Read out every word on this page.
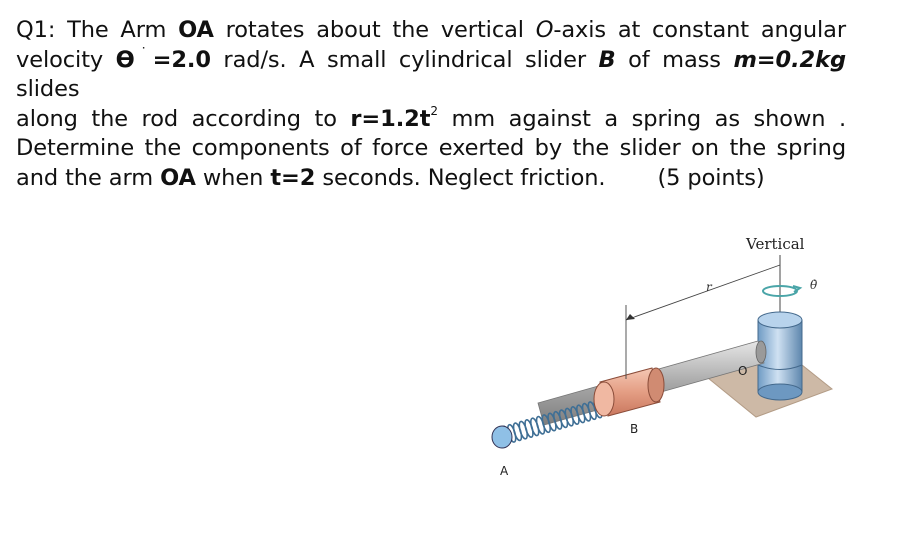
Q1: The Arm OA rotates about the vertical O-axis at constant angular
velocity ϴ˙=2.0 rad/s. A small cylindrical slider B of mass m=0.2kg slides
along the rod according to $r=1.2t^2$ mm against a spring as shown .
Determine the components of force exerted by the slider on the spring
and the arm OA when t=2 seconds. Neglect friction. (5 points)
Vertical
θ̇
r
O
B
A
